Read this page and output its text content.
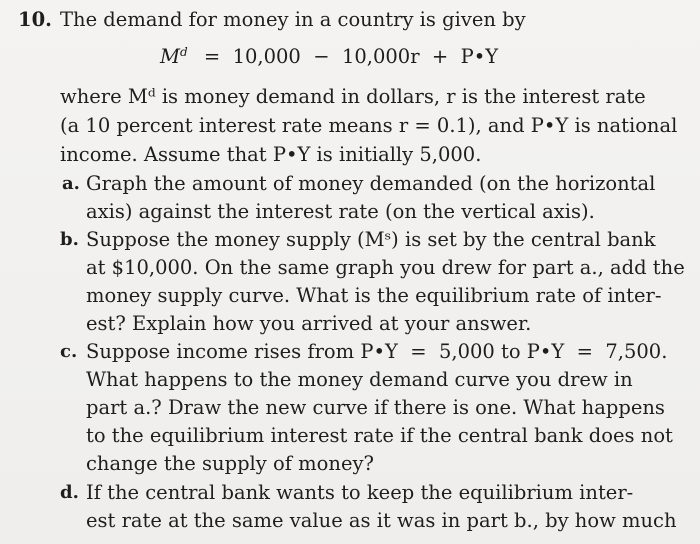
10. The demand for money in a country is given by
$M^d = 10,000 - 10,000r$  +  P•Y
where Mᵈ is money demand in dollars, r is the interest rate
(a 10 percent interest rate means r = 0.1), and P•Y is national
income. Assume that P•Y is initially 5,000.
a. Graph the amount of money demanded (on the horizontal
axis) against the interest rate (on the vertical axis).
b. Suppose the money supply (Mˢ) is set by the central bank
at $10,000. On the same graph you drew for part a., add the
money supply curve. What is the equilibrium rate of inter-
est? Explain how you arrived at your answer.
c. Suppose income rises from P•Y  =  5,000 to P•Y  =  7,500.
What happens to the money demand curve you drew in
part a.? Draw the new curve if there is one. What happens
to the equilibrium interest rate if the central bank does not
change the supply of money?
d. If the central bank wants to keep the equilibrium inter-
est rate at the same value as it was in part b., by how much
